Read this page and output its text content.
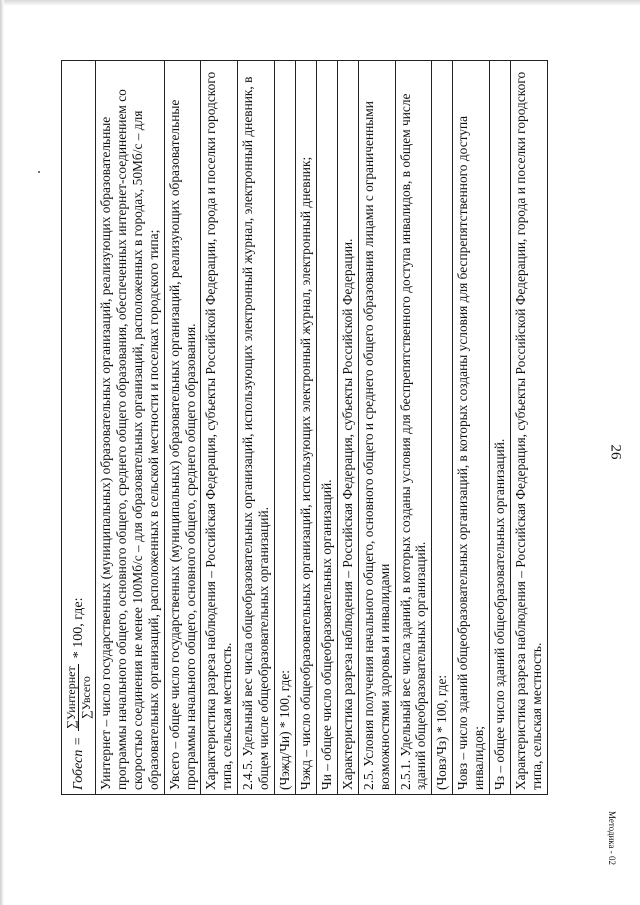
26
Методика - 02
Гобесп =
∑Уинтернет ∑Увсего
* 100, где:

Уинтернет – число государственных (муниципальных) образовательных организаций, реализующих образовательные программы начального общего, основного общего, среднего общего образования, обеспеченных интернет-соединением со скоростью соединения не менее 100Мб/с – для образовательных организаций, расположенных в городах, 50Мб/с – для образовательных организаций, расположенных в сельской местности и поселках городского типа;
Увсего – общее число государственных (муниципальных) образовательных организаций, реализующих образовательные программы начального общего, основного общего, среднего общего образования.
Характеристика разреза наблюдения – Российская Федерация, субъекты Российской Федерации, города и поселки городского типа, сельская местность.
2.4.5. Удельный вес числа общеобразовательных организаций, использующих электронный журнал, электронный дневник, в общем числе общеобразовательных организаций.
(Чэжд/Чи) * 100, где:
Чэжд – число общеобразовательных организаций, использующих электронный журнал, электронный дневник;
Чи – общее число общеобразовательных организаций.
Характеристика разреза наблюдения – Российская Федерация, субъекты Российской Федерации.
2.5. Условия получения начального общего, основного общего и среднего общего образования лицами с ограниченными возможностями здоровья и инвалидами
2.5.1. Удельный вес числа зданий, в которых созданы условия для беспрепятственного доступа инвалидов, в общем числе зданий общеобразовательных организаций.
(Човз/Чз) * 100, где:
Човз – число зданий общеобразовательных организаций, в которых созданы условия для беспрепятственного доступа инвалидов;
Чз – общее число зданий общеобразовательных организаций.
Характеристика разреза наблюдения – Российская Федерация, субъекты Российской Федерации, города и поселки городского типа, сельская местность.
